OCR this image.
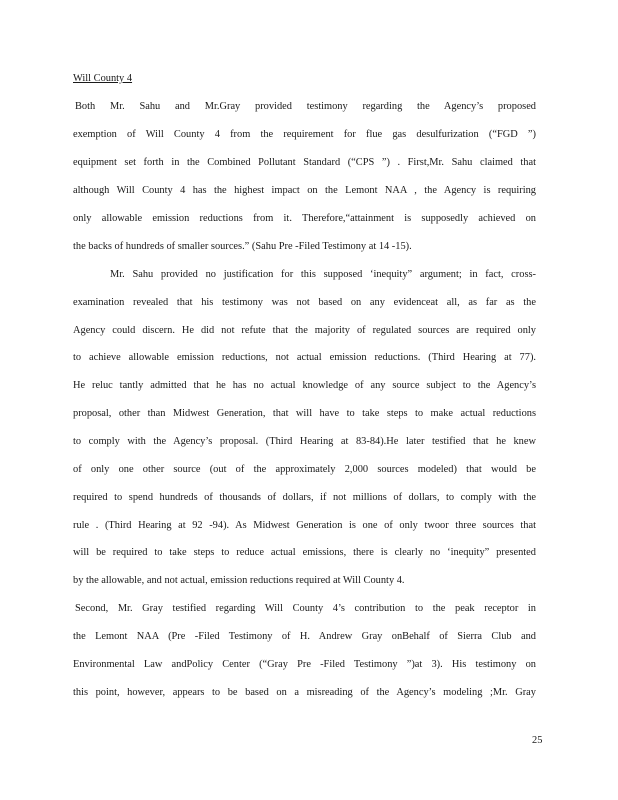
Will County 4
Both Mr. Sahu and Mr.Gray provided testimony regarding the Agency’s proposed
exemption of Will County 4 from the requirement for flue gas desulfurization (“FGD ”)
equipment set forth in the Combined Pollutant Standard (“CPS ”) . First,Mr. Sahu claimed that
although Will County 4 has the highest impact on the Lemont NAA , the Agency is requiring
only allowable emission reductions from it. Therefore,“attainment is supposedly achieved on
the backs of hundreds of smaller sources.” (Sahu Pre -Filed Testimony at 14 -15).
Mr. Sahu provided no justification for this supposed ‘inequity” argument; in fact, cross-
examination revealed that his testimony was not based on any evidenceat all, as far as the
Agency could discern. He did not refute that the majority of regulated sources are required only
to achieve allowable emission reductions, not actual emission reductions. (Third Hearing at 77).
He reluc tantly admitted that he has no actual knowledge of any source subject to the Agency’s
proposal, other than Midwest Generation, that will have to take steps to make actual reductions
to comply with the Agency’s proposal. (Third Hearing at 83-84).He later testified that he knew
of only one other source (out of the approximately 2,000 sources modeled) that would be
required to spend hundreds of thousands of dollars, if not millions of dollars, to comply with the
rule . (Third Hearing at 92 -94). As Midwest Generation is one of only twoor three sources that
will be required to take steps to reduce actual emissions, there is clearly no ‘inequity” presented
by the allowable, and not actual, emission reductions required at Will County 4.
Second, Mr. Gray testified regarding Will County 4’s contribution to the peak receptor in
the Lemont NAA (Pre -Filed Testimony of H. Andrew Gray onBehalf of Sierra Club and
Environmental Law andPolicy Center (“Gray Pre -Filed Testimony ”)at 3). His testimony on
this point, however, appears to be based on a misreading of the Agency’s modeling ;Mr. Gray
25
